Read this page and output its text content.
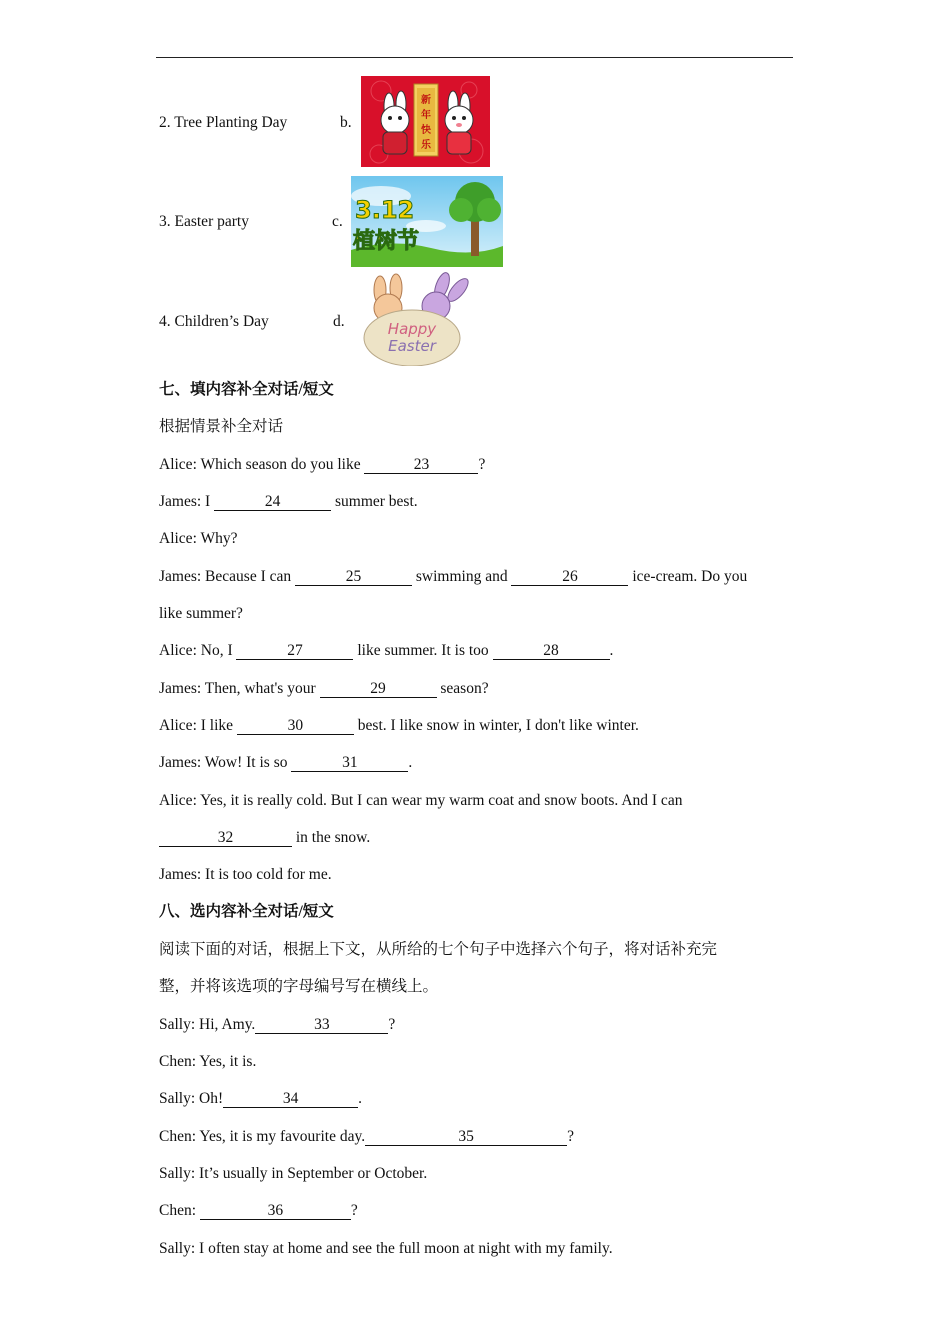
2. Tree Planting Day	b.
新
年
快
乐
3. Easter party	c. 3.12
植树节
4. Children’s Day	d.	Happy
Easter
七、填内容补全对话/短文
根据情景补全对话
Alice: Which season do you like	23	?
James: I	24	summer best.
Alice: Why?
James: Because I can	25	swimming and	26	ice-cream. Do you
like summer?
Alice: No, I	27	like summer. It is too	28	.
James: Then, what's your	29	season?
Alice: I like	30	best. I like snow in winter, I don't like winter.
James: Wow! It is so	31	.
Alice: Yes, it is really cold. But I can wear my warm coat and snow boots. And I can
32	in the snow.
James: It is too cold for me.
八、选内容补全对话/短文
阅读下面的对话，根据上下文，从所给的七个句子中选择六个句子，将对话补充完
整，并将该选项的字母编号写在横线上。
Sally: Hi, Amy.	33	?
Chen: Yes, it is.
Sally: Oh!	34	.
Chen: Yes, it is my favourite day.	35	?
Sally: It’s usually in September or October.
Chen:	36	?
Sally: I often stay at home and see the full moon at night with my family.
